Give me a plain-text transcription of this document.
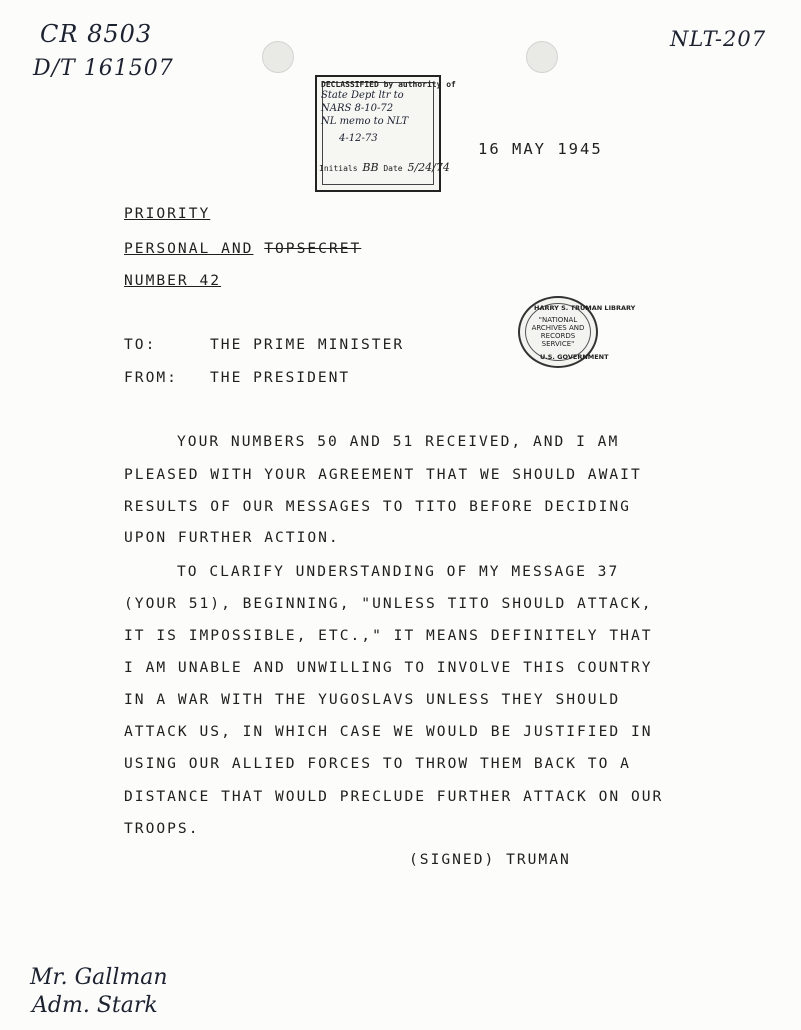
CR 8503
D/T 161507
NLT-207
DECLASSIFIED by authority of
State Dept ltr to
NARS 8-10-72
NL memo to NLT
4-12-73
Initials BB Date 5/24/74
16 MAY 1945
PRIORITY
PERSONAL AND TOPSECRET
NUMBER 42
HARRY S. TRUMAN LIBRARY
"NATIONAL
ARCHIVES AND
RECORDS
SERVICE"
U.S. GOVERNMENT
TO:	THE PRIME MINISTER
FROM: THE PRESIDENT
YOUR NUMBERS 50 AND 51 RECEIVED, AND I AM
PLEASED WITH YOUR AGREEMENT THAT WE SHOULD AWAIT
RESULTS OF OUR MESSAGES TO TITO BEFORE DECIDING
UPON FURTHER ACTION.
TO CLARIFY UNDERSTANDING OF MY MESSAGE 37
(YOUR 51), BEGINNING, "UNLESS TITO SHOULD ATTACK,
IT IS IMPOSSIBLE, ETC.," IT MEANS DEFINITELY THAT
I AM UNABLE AND UNWILLING TO INVOLVE THIS COUNTRY
IN A WAR WITH THE YUGOSLAVS UNLESS THEY SHOULD
ATTACK US, IN WHICH CASE WE WOULD BE JUSTIFIED IN
USING OUR ALLIED FORCES TO THROW THEM BACK TO A
DISTANCE THAT WOULD PRECLUDE FURTHER ATTACK ON OUR
TROOPS.
(SIGNED) TRUMAN
Mr. Gallman
Adm. Stark
